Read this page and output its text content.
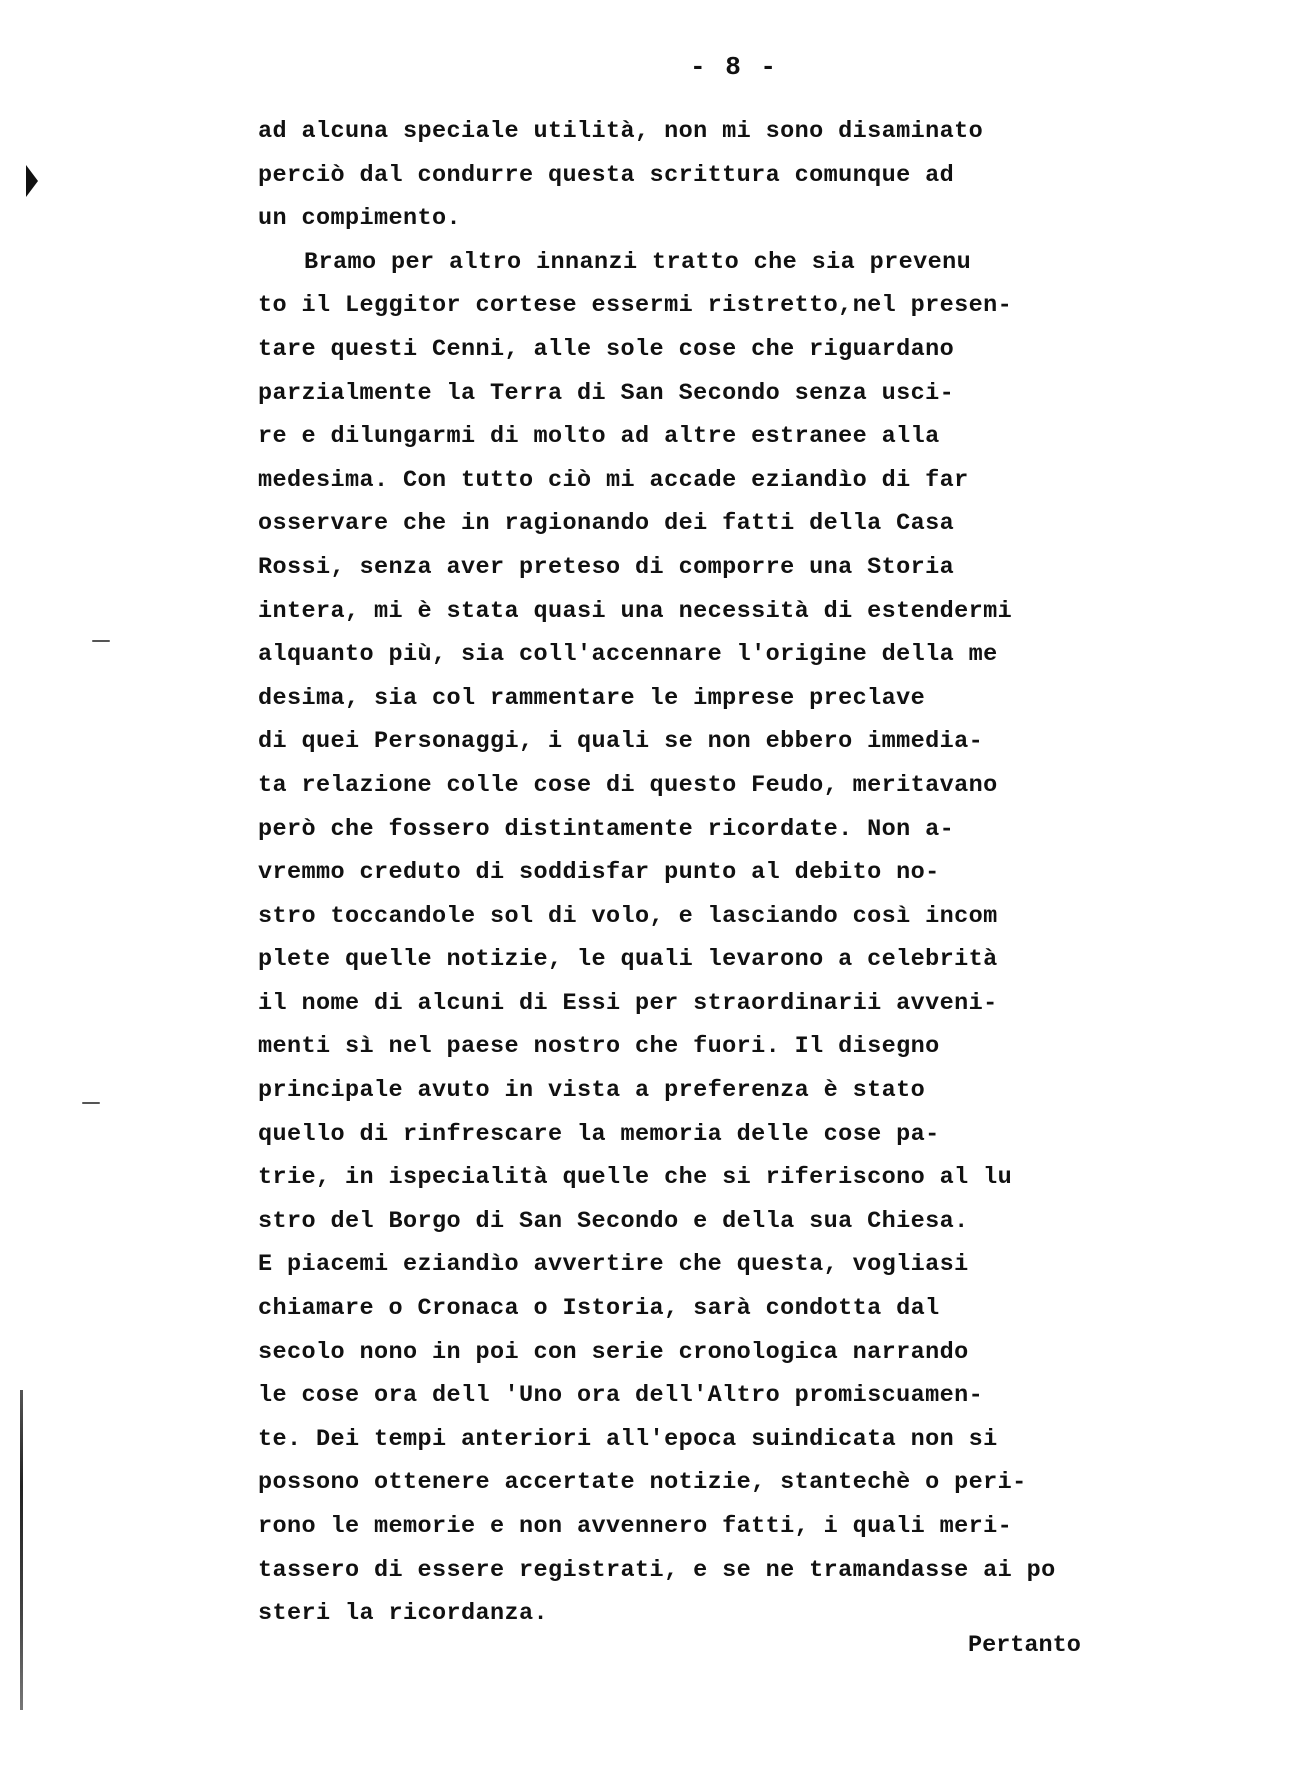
- 8 -
ad alcuna speciale utilità, non mi sono disaminato
perciò dal condurre questa scrittura comunque ad
un compimento.
Bramo per altro innanzi tratto che sia prevenu
to il Leggitor cortese essermi ristretto,nel presen-
tare questi Cenni, alle sole cose che riguardano
parzialmente la Terra di San Secondo senza usci-
re e dilungarmi di molto ad altre estranee alla
medesima. Con tutto ciò mi accade eziandìo di far
osservare che in ragionando dei fatti della Casa
Rossi, senza aver preteso di comporre una Storia
intera, mi è stata quasi una necessità di estendermi
alquanto più, sia coll'accennare l'origine della me
desima, sia col rammentare le imprese preclave
di quei Personaggi, i quali se non ebbero immedia-
ta relazione colle cose di questo Feudo, meritavano
però che fossero distintamente ricordate. Non a-
vremmo creduto di soddisfar punto al debito no-
stro toccandole sol di volo, e lasciando così incom
plete quelle notizie, le quali levarono a celebrità
il nome di alcuni di Essi per straordinarii avveni-
menti sì nel paese nostro che fuori. Il disegno
principale avuto in vista a preferenza è stato
quello di rinfrescare la memoria delle cose pa-
trie, in ispecialità quelle che si riferiscono al lu
stro del Borgo di San Secondo e della sua Chiesa.
E piacemi eziandìo avvertire che questa, vogliasi
chiamare o Cronaca o Istoria, sarà condotta dal
secolo nono in poi con serie cronologica narrando
le cose ora dell 'Uno ora dell'Altro promiscuamen-
te. Dei tempi anteriori all'epoca suindicata non si
possono ottenere accertate notizie, stantechè o peri-
rono le memorie e non avvennero fatti, i quali meri-
tassero di essere registrati, e se ne tramandasse ai po
steri la ricordanza.
Pertanto
